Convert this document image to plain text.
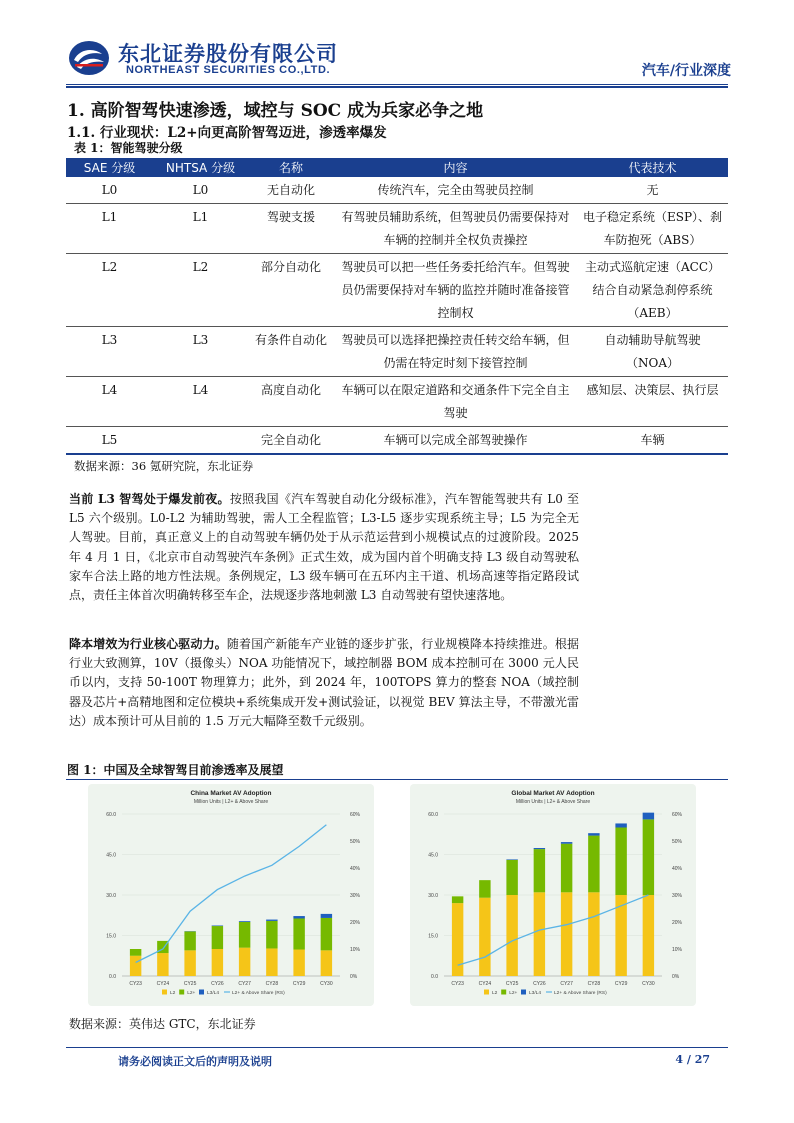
东北证券股份有限公司
NORTHEAST SECURITIES CO.,LTD.	汽车/行业深度
1. 高阶智驾快速渗透，域控与 SOC 成为兵家必争之地
1.1. 行业现状：L2+向更高阶智驾迈进，渗透率爆发
表 1：智能驾驶分级
SAE 分级	NHTSA 分级	名称	内容	代表技术
L0	L0	无自动化	传统汽车，完全由驾驶员控制	无
L1	L1	驾驶支援	有驾驶员辅助系统，但驾驶员仍需要保持对车辆的控制并全权负责操控	电子稳定系统（ESP）、刹车防抱死（ABS）
L2	L2	部分自动化	驾驶员可以把一些任务委托给汽车。但驾驶员仍需要保持对车辆的监控并随时准备接管控制权	主动式巡航定速（ACC）结合自动紧急刹停系统（AEB）
L3	L3	有条件自动化	驾驶员可以选择把操控责任转交给车辆，但仍需在特定时刻下接管控制	自动辅助导航驾驶（NOA）
L4	L4	高度自动化	车辆可以在限定道路和交通条件下完全自主驾驶	感知层、决策层、执行层
L5		完全自动化	车辆可以完成全部驾驶操作	车辆
数据来源：36 氪研究院，东北证券
当前 L3 智驾处于爆发前夜。按照我国《汽车驾驶自动化分级标准》，汽车智能驾驶共有 L0 至 L5 六个级别。L0-L2 为辅助驾驶，需人工全程监管；L3-L5 逐步实现系统主导；L5 为完全无人驾驶。目前，真正意义上的自动驾驶车辆仍处于从示范运营到小规模试点的过渡阶段。2025 年 4 月 1 日，《北京市自动驾驶汽车条例》正式生效，成为国内首个明确支持 L3 级自动驾驶私家车合法上路的地方性法规。条例规定，L3 级车辆可在五环内主干道、机场高速等指定路段试点，责任主体首次明确转移至车企，法规逐步落地刺激 L3 自动驾驶有望快速落地。
降本增效为行业核心驱动力。随着国产新能车产业链的逐步扩张，行业规模降本持续推进。根据行业大致测算，10V（摄像头）NOA 功能情况下，域控制器 BOM 成本控制可在 3000 元人民币以内，支持 50-100T 物理算力；此外，到 2024 年，100TOPS 算力的整套 NOA（域控制器及芯片+高精地图和定位模块+系统集成开发+测试验证，以视觉 BEV 算法主导，不带激光雷达）成本预计可从目前的 1.5 万元大幅降至数千元级别。
图 1：中国及全球智驾目前渗透率及展望
China Market AV Adoption
Million Units | L2+ & Above Share
0.0
15.0
30.0
45.0
60.0
0%
10%
20%
30%
40%
50%
60%
CY23	CY24	CY25	CY26	CY27	CY28	CY29	CY30
L2 L2+ L3/L4	L2+ & Above Share (RS)
Global Market AV Adoption
Million Units | L2+ & Above Share
0.0
15.0
30.0
45.0
60.0
0%
10%
20%
30%
40%
50%
60%
CY23	CY24	CY25	CY26	CY27	CY28	CY29	CY30
L2 L2+ L3/L4	L2+ & Above Share (RS)
数据来源：英伟达 GTC，东北证券
请务必阅读正文后的声明及说明	4 / 27
